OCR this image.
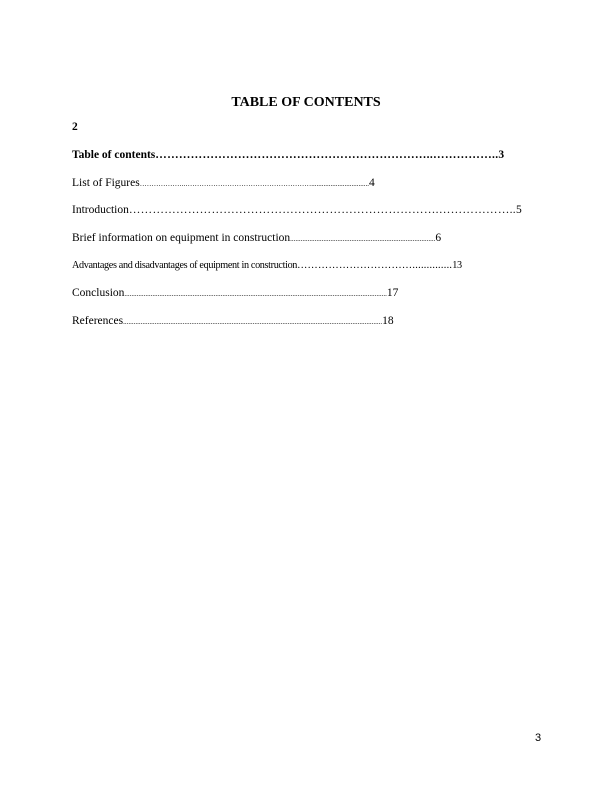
TABLE OF CONTENTS
2
Table of contents……………………………………………………………..……………..3
List of Figures………………..……………………………………………….................................4
Introduction…………………………………………………………………….………………..5
Brief information on equipment in construction...................................................................................6
Advantages and disadvantages of equipment in construction……………………………..............13
Conclusion......................................................................................................................................................17
References....................................................................................................................................................18
3
